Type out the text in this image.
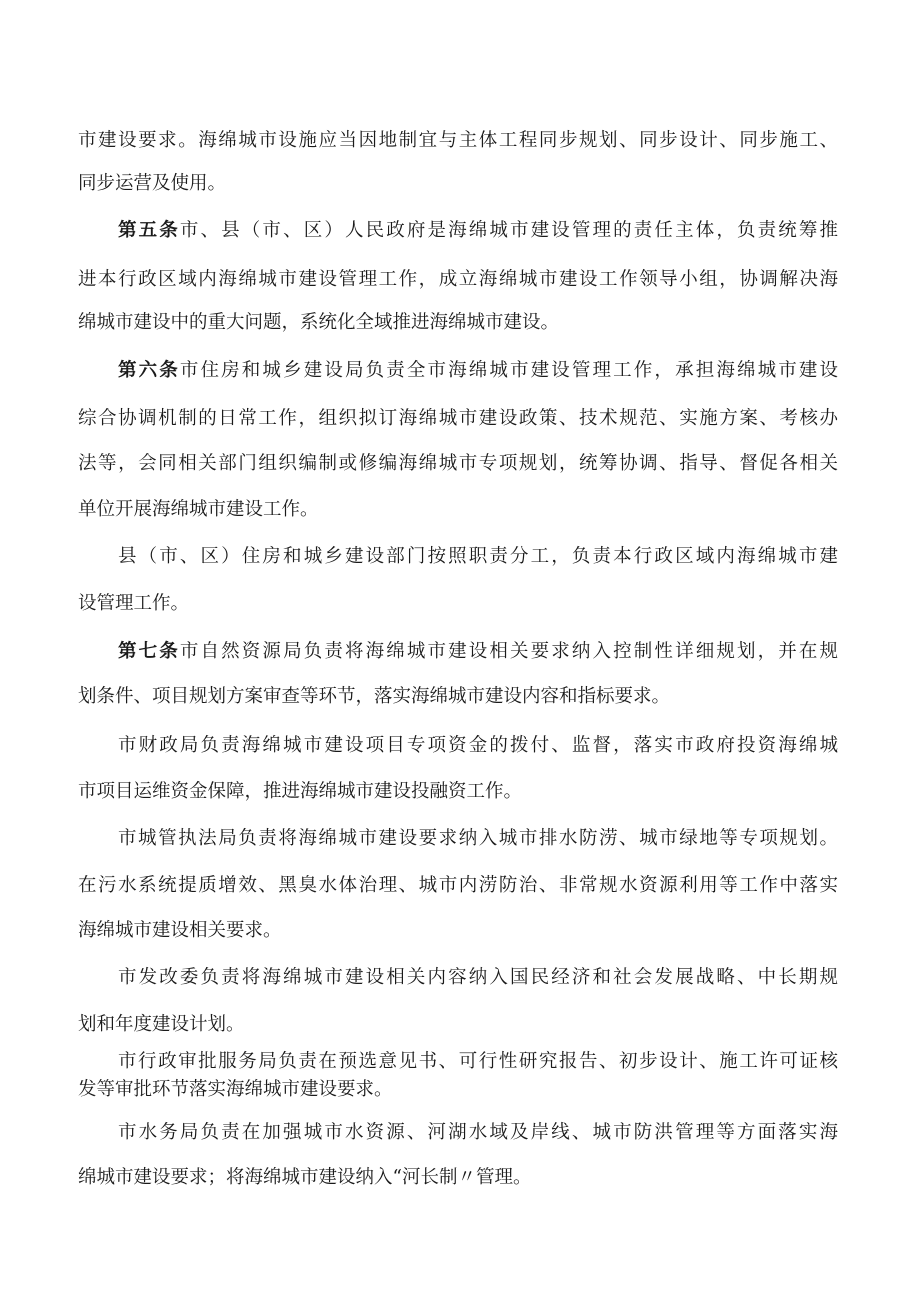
市建设要求。海绵城市设施应当因地制宜与主体工程同步规划、同步设计、同步施工、

同步运营及使用。

第五条市、县（市、区）人民政府是海绵城市建设管理的责任主体，负责统筹推

进本行政区域内海绵城市建设管理工作，成立海绵城市建设工作领导小组，协调解决海

绵城市建设中的重大问题，系统化全域推进海绵城市建设。

第六条市住房和城乡建设局负责全市海绵城市建设管理工作，承担海绵城市建设

综合协调机制的日常工作，组织拟订海绵城市建设政策、技术规范、实施方案、考核办

法等，会同相关部门组织编制或修编海绵城市专项规划，统筹协调、指导、督促各相关

单位开展海绵城市建设工作。

县（市、区）住房和城乡建设部门按照职责分工，负责本行政区域内海绵城市建

设管理工作。

第七条市自然资源局负责将海绵城市建设相关要求纳入控制性详细规划，并在规

划条件、项目规划方案审查等环节，落实海绵城市建设内容和指标要求。

市财政局负责海绵城市建设项目专项资金的拨付、监督，落实市政府投资海绵城

市项目运维资金保障，推进海绵城市建设投融资工作。

市城管执法局负责将海绵城市建设要求纳入城市排水防涝、城市绿地等专项规划。

在污水系统提质增效、黑臭水体治理、城市内涝防治、非常规水资源利用等工作中落实

海绵城市建设相关要求。

市发改委负责将海绵城市建设相关内容纳入国民经济和社会发展战略、中长期规

划和年度建设计划。

市行政审批服务局负责在预选意见书、可行性研究报告、初步设计、施工许可证核

发等审批环节落实海绵城市建设要求。

市水务局负责在加强城市水资源、河湖水域及岸线、城市防洪管理等方面落实海

绵城市建设要求；将海绵城市建设纳入“河长制〃管理。
